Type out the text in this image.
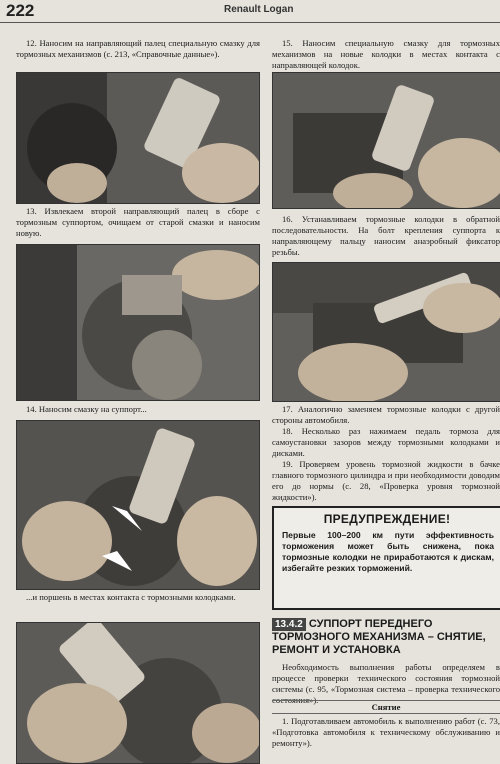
222	Renault Logan

12. Наносим на направляющий палец специальную смазку для тормозных механизмов (с. 213, «Справочные данные»).

13. Извлекаем второй направляющий палец в сборе с тормозным суппортом, очищаем от старой смазки и наносим новую.

14. Наносим смазку на суппорт...

...и поршень в местах контакта с тормозными колодками.

15. Наносим специальную смазку для тормозных механизмов на новые колодки в местах контакта с направляющей колодок.

16. Устанавливаем тормозные колодки в обратной последовательности. На болт крепления суппорта к направляющему пальцу наносим анаэробный фиксатор резьбы.

17. Аналогично заменяем тормозные колодки с другой стороны автомобиля.

18. Несколько раз нажимаем педаль тормоза для самоустановки зазоров между тормозными колодками и дисками.

19. Проверяем уровень тормозной жидкости в бачке главного тормозного цилиндра и при необходимости доводим его до нормы (с. 28, «Проверка уровня тормозной жидкости»).

ПРЕДУПРЕЖДЕНИЕ!
Первые 100–200 км пути эффективность торможения может быть снижена, пока тормозные колодки не приработаются к дискам, избегайте резких торможений.
13.4.2 СУППОРТ ПЕРЕДНЕГО ТОРМОЗНОГО МЕХАНИЗМА – СНЯТИЕ, РЕМОНТ И УСТАНОВКА

Необходимость выполнения работы определяем в процессе проверки технического состояния тормозной системы (с. 95, «Тормозная система – проверка технического состояния»).

Снятие

1. Подготавливаем автомобиль к выполнению работ (с. 73, «Подготовка автомобиля к техническому обслуживанию и ремонту»).
